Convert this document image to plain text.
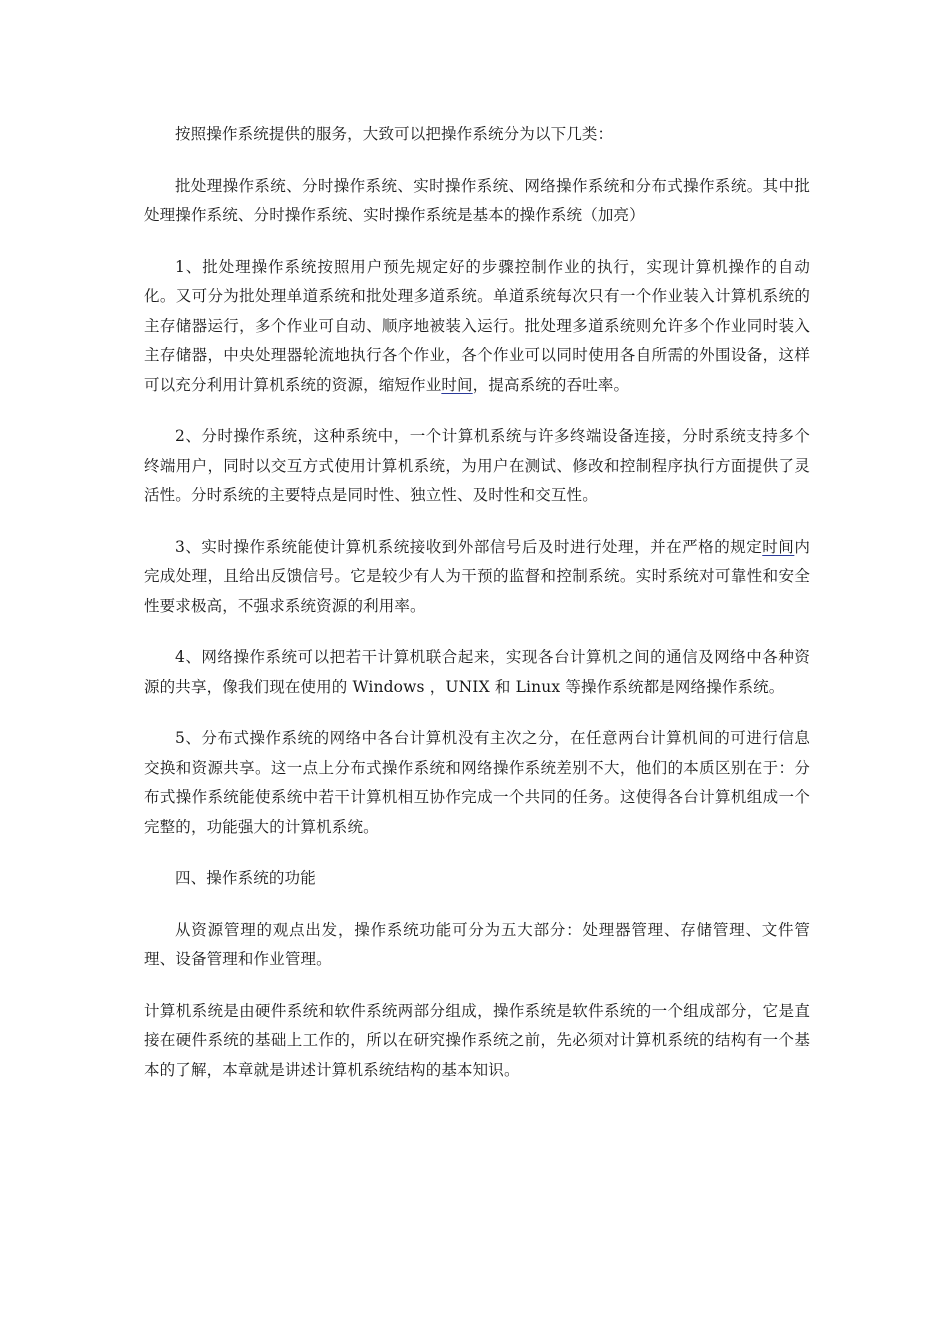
按照操作系统提供的服务，大致可以把操作系统分为以下几类：

批处理操作系统、分时操作系统、实时操作系统、网络操作系统和分布式操作系统。其中批处理操作系统、分时操作系统、实时操作系统是基本的操作系统（加亮）

1、批处理操作系统按照用户预先规定好的步骤控制作业的执行，实现计算机操作的自动化。又可分为批处理单道系统和批处理多道系统。单道系统每次只有一个作业装入计算机系统的主存储器运行，多个作业可自动、顺序地被装入运行。批处理多道系统则允许多个作业同时装入主存储器，中央处理器轮流地执行各个作业，各个作业可以同时使用各自所需的外围设备，这样可以充分利用计算机系统的资源，缩短作业时间，提高系统的吞吐率。

2、分时操作系统，这种系统中，一个计算机系统与许多终端设备连接，分时系统支持多个终端用户，同时以交互方式使用计算机系统，为用户在测试、修改和控制程序执行方面提供了灵活性。分时系统的主要特点是同时性、独立性、及时性和交互性。

3、实时操作系统能使计算机系统接收到外部信号后及时进行处理，并在严格的规定时间内完成处理，且给出反馈信号。它是较少有人为干预的监督和控制系统。实时系统对可靠性和安全性要求极高，不强求系统资源的利用率。

4、网络操作系统可以把若干计算机联合起来，实现各台计算机之间的通信及网络中各种资源的共享，像我们现在使用的 Windows ，UNIX 和 Linux 等操作系统都是网络操作系统。

5、分布式操作系统的网络中各台计算机没有主次之分，在任意两台计算机间的可进行信息交换和资源共享。这一点上分布式操作系统和网络操作系统差别不大，他们的本质区别在于：分布式操作系统能使系统中若干计算机相互协作完成一个共同的任务。这使得各台计算机组成一个完整的，功能强大的计算机系统。

四、操作系统的功能

从资源管理的观点出发，操作系统功能可分为五大部分：处理器管理、存储管理、文件管理、设备管理和作业管理。

计算机系统是由硬件系统和软件系统两部分组成，操作系统是软件系统的一个组成部分，它是直接在硬件系统的基础上工作的，所以在研究操作系统之前，先必须对计算机系统的结构有一个基本的了解，本章就是讲述计算机系统结构的基本知识。
